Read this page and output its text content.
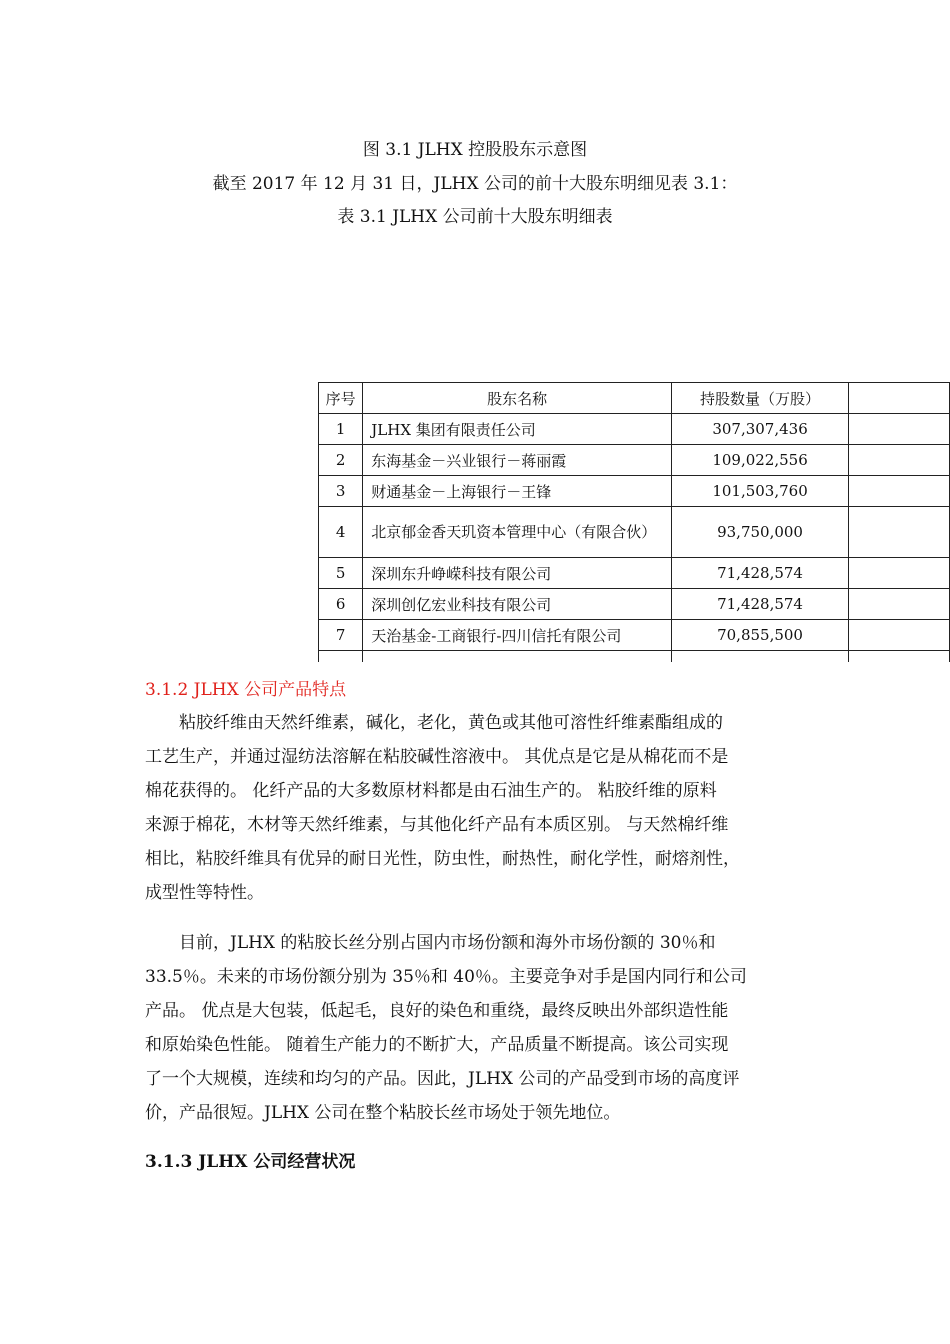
图 3.1 JLHX 控股股东示意图
截至 2017 年 12 月 31 日，JLHX 公司的前十大股东明细见表 3.1：
表 3.1 JLHX 公司前十大股东明细表
序号	股东名称	持股数量（万股）	
1	JLHX 集团有限责任公司	307,307,436	
2	东海基金－兴业银行－蒋丽霞	109,022,556	
3	财通基金－上海银行－王锋	101,503,760	
4	北京郁金香天玑资本管理中心（有限合伙）	93,750,000	
5	深圳东升峥嵘科技有限公司	71,428,574	
6	深圳创亿宏业科技有限公司	71,428,574	
7	天治基金-工商银行-四川信托有限公司	70,855,500	

3.1.2 JLHX 公司产品特点
　　粘胶纤维由天然纤维素，碱化，老化，黄色或其他可溶性纤维素酯组成的
工艺生产，并通过湿纺法溶解在粘胶碱性溶液中。 其优点是它是从棉花而不是
棉花获得的。 化纤产品的大多数原材料都是由石油生产的。 粘胶纤维的原料
来源于棉花，木材等天然纤维素，与其他化纤产品有本质区别。 与天然棉纤维
相比，粘胶纤维具有优异的耐日光性，防虫性，耐热性，耐化学性，耐熔剂性，
成型性等特性。
　　目前，JLHX 的粘胶长丝分别占国内市场份额和海外市场份额的 30％和
33.5％。未来的市场份额分别为 35％和 40％。主要竞争对手是国内同行和公司
产品。 优点是大包装，低起毛，良好的染色和重绕，最终反映出外部织造性能
和原始染色性能。 随着生产能力的不断扩大，产品质量不断提高。该公司实现
了一个大规模，连续和均匀的产品。因此，JLHX 公司的产品受到市场的高度评
价，产品很短。JLHX 公司在整个粘胶长丝市场处于领先地位。
3.1.3 JLHX 公司经营状况
